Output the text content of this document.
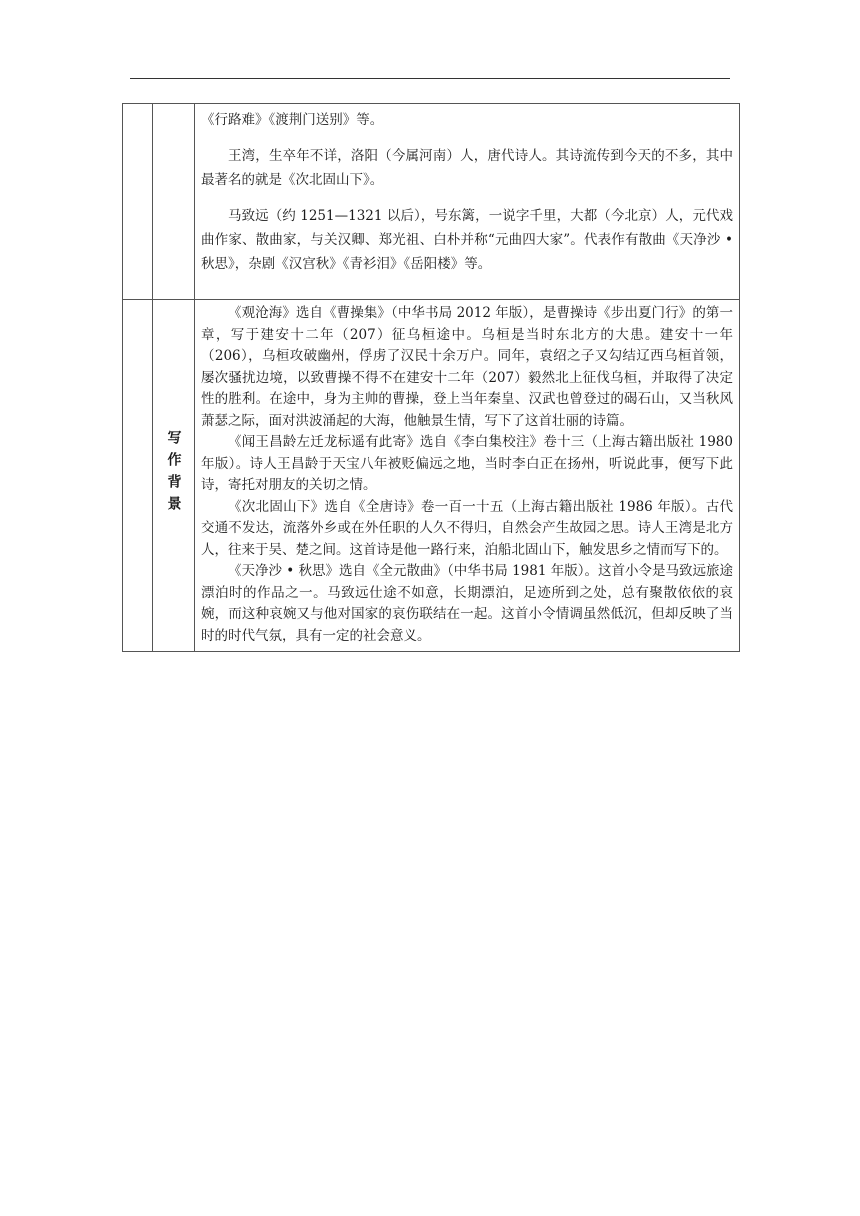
		《行路难》《渡荆门送别》等。

王湾，生卒年不详，洛阳（今属河南）人，唐代诗人。其诗流传到今天的不多，其中最著名的就是《次北固山下》。

马致远（约 1251—1321 以后），号东篱，一说字千里，大都（今北京）人，元代戏曲作家、散曲家，与关汉卿、郑光祖、白朴并称“元曲四大家”。代表作有散曲《天净沙 • 秋思》，杂剧《汉宫秋》《青衫泪》《岳阳楼》等。

	写作背景	《观沧海》选自《曹操集》（中华书局 2012 年版），是曹操诗《步出夏门行》的第一章，写于建安十二年（207）征乌桓途中。乌桓是当时东北方的大患。建安十一年（206），乌桓攻破幽州，俘虏了汉民十余万户。同年，袁绍之子又勾结辽西乌桓首领，屡次骚扰边境，以致曹操不得不在建安十二年（207）毅然北上征伐乌桓，并取得了决定性的胜利。在途中，身为主帅的曹操，登上当年秦皇、汉武也曾登过的碣石山，又当秋风萧瑟之际，面对洪波涌起的大海，他触景生情，写下了这首壮丽的诗篇。

《闻王昌龄左迁龙标遥有此寄》选自《李白集校注》卷十三（上海古籍出版社 1980 年版）。诗人王昌龄于天宝八年被贬偏远之地，当时李白正在扬州，听说此事，便写下此诗，寄托对朋友的关切之情。

《次北固山下》选自《全唐诗》卷一百一十五（上海古籍出版社 1986 年版）。古代交通不发达，流落外乡或在外任职的人久不得归，自然会产生故园之思。诗人王湾是北方人，往来于吴、楚之间。这首诗是他一路行来，泊船北固山下，触发思乡之情而写下的。

《天净沙 • 秋思》选自《全元散曲》（中华书局 1981 年版）。这首小令是马致远旅途漂泊时的作品之一。马致远仕途不如意，长期漂泊，足迹所到之处，总有聚散依依的哀婉，而这种哀婉又与他对国家的哀伤联结在一起。这首小令情调虽然低沉，但却反映了当时的时代气氛，具有一定的社会意义。
